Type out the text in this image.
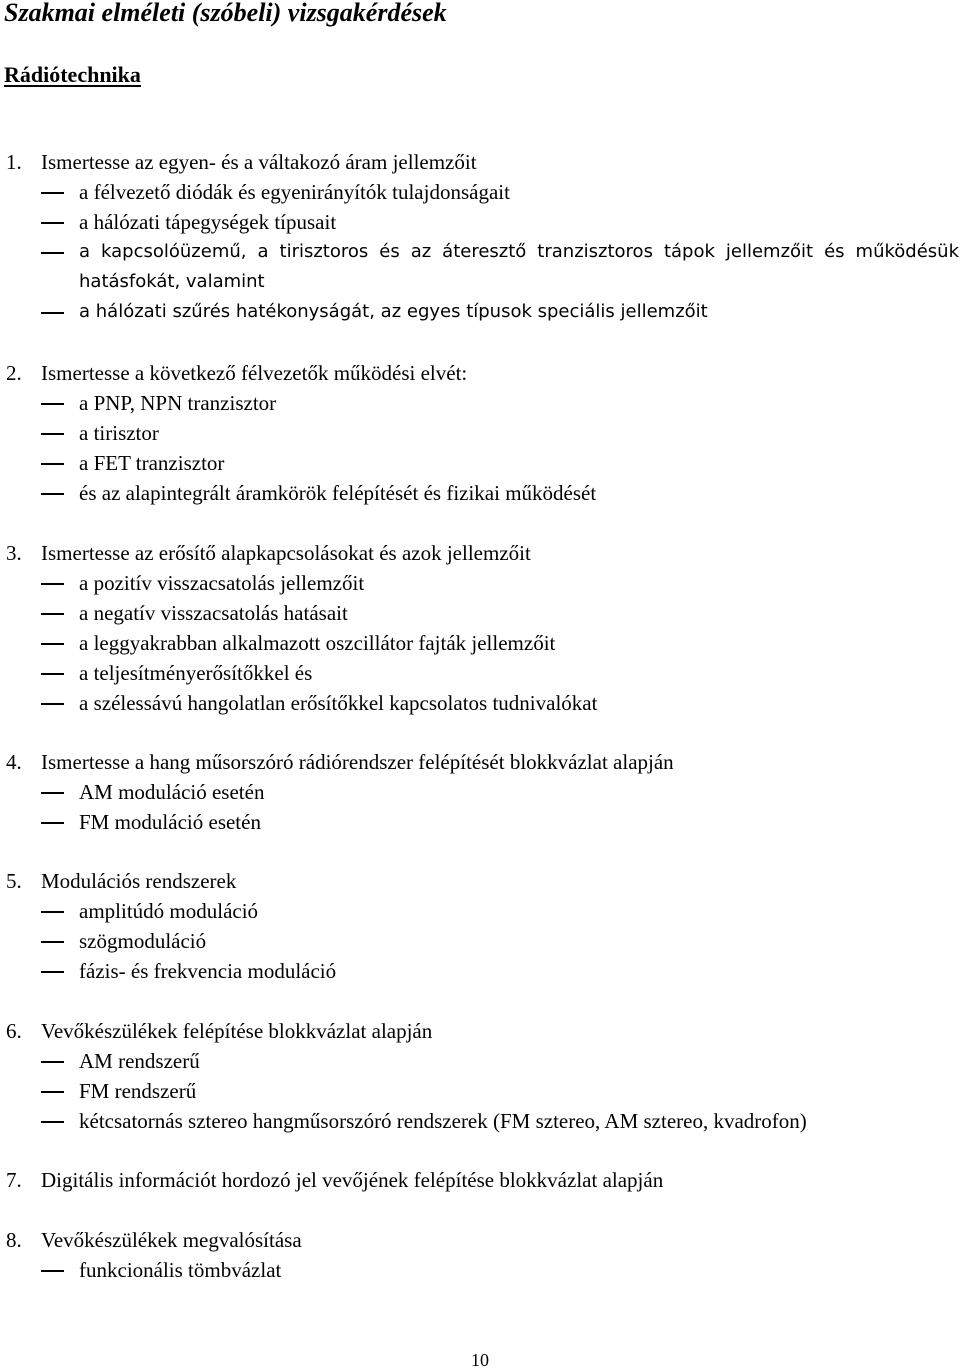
Szakmai elméleti (szóbeli) vizsgakérdések
Rádiótechnika
1. Ismertesse az egyen- és a váltakozó áram jellemzőit
a félvezető diódák és egyenirányítók tulajdonságait
a hálózati tápegységek típusait
a kapcsolóüzemű, a tirisztoros és az áteresztő tranzisztoros tápok jellemzőit és működésük hatásfokát, valamint
a hálózati szűrés hatékonyságát, az egyes típusok speciális jellemzőit
2. Ismertesse a következő félvezetők működési elvét:
a PNP, NPN tranzisztor
a tirisztor
a FET tranzisztor
és az alapintegrált áramkörök felépítését és fizikai működését
3. Ismertesse az erősítő alapkapcsolásokat és azok jellemzőit
a pozitív visszacsatolás jellemzőit
a negatív visszacsatolás hatásait
a leggyakrabban alkalmazott oszcillátor fajták jellemzőit
a teljesítményerősítőkkel és
a szélessávú hangolatlan erősítőkkel kapcsolatos tudnivalókat
4. Ismertesse a hang műsorszóró rádiórendszer felépítését blokkvázlat alapján
AM moduláció esetén
FM moduláció esetén
5. Modulációs rendszerek
amplitúdó moduláció
szögmoduláció
fázis- és frekvencia moduláció
6. Vevőkészülékek felépítése blokkvázlat alapján
AM rendszerű
FM rendszerű
kétcsatornás sztereo hangműsorszóró rendszerek (FM sztereo, AM sztereo, kvadrofon)
7. Digitális információt hordozó jel vevőjének felépítése blokkvázlat alapján
8. Vevőkészülékek megvalósítása
funkcionális tömbvázlat
10
